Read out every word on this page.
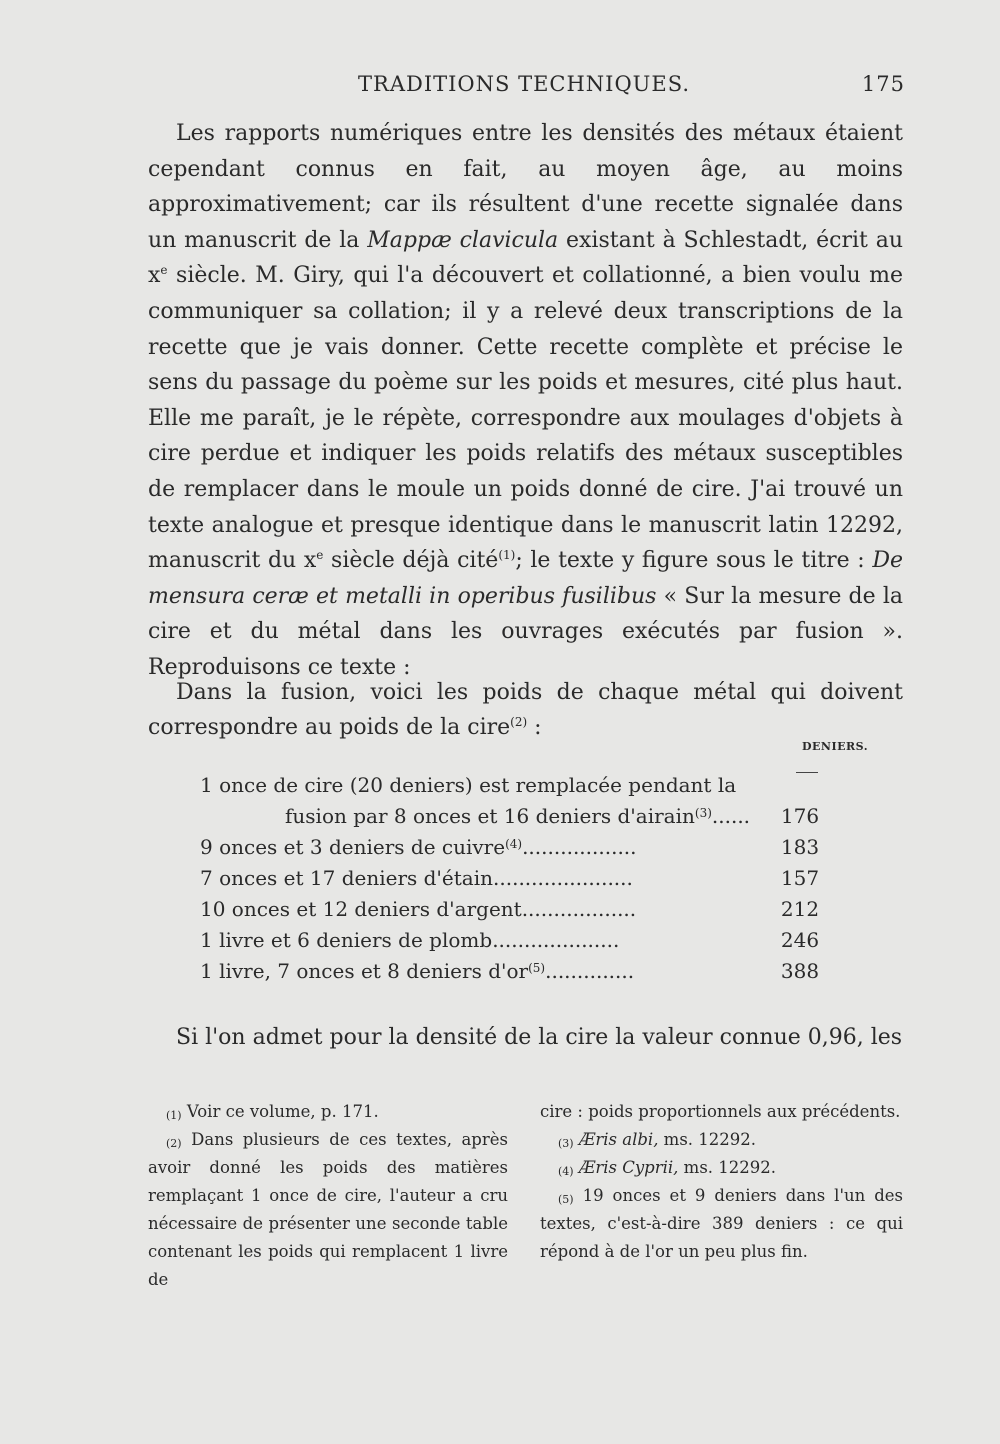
TRADITIONS TECHNIQUES.	175

Les rapports numériques entre les densités des métaux étaient cependant connus en fait, au moyen âge, au moins approximativement; car ils résultent d'une recette signalée dans un manuscrit de la Mappæ clavicula existant à Schlestadt, écrit au $x^e$ siècle. M. Giry, qui l'a découvert et collationné, a bien voulu me communiquer sa collation; il y a relevé deux transcriptions de la recette que je vais donner. Cette recette complète et précise le sens du passage du poème sur les poids et mesures, cité plus haut. Elle me paraît, je le répète, correspondre aux moulages d'objets à cire perdue et indiquer les poids relatifs des métaux susceptibles de remplacer dans le moule un poids donné de cire. J'ai trouvé un texte analogue et presque identique dans le manuscrit latin 12292, manuscrit du $x^e$ siècle déjà cité$^{(1)}$; le texte y figure sous le titre : De mensura ceræ et metalli in operibus fusilibus « Sur la mesure de la cire et du métal dans les ouvrages exécutés par fusion ». Reproduisons ce texte :

Dans la fusion, voici les poids de chaque métal qui doivent correspondre au poids de la cire$^{(2)}$ :

DENIERS.
1 once de cire (20 deniers) est remplacée pendant la
fusion par 8 onces et 16 deniers d'airain$^{(3)}$......	176
9 onces et 3 deniers de cuivre$^{(4)}$..................	183
7 onces et 17 deniers d'étain......................	157
10 onces et 12 deniers d'argent..................	212
1 livre et 6 deniers de plomb....................	246
1 livre, 7 onces et 8 deniers $d'or^{(5)}$..............	388
Si l'on admet pour la densité de la cire la valeur connue 0,96, les

$^{(1)}$ Voir ce volume, p. 171.

$^{(2)}$ Dans plusieurs de ces textes, après avoir donné les poids des matières remplaçant 1 once de cire, l'auteur a cru nécessaire de présenter une seconde table contenant les poids qui remplacent 1 livre de

cire : poids proportionnels aux précédents.

$^{(3)}$ Æris albi, ms. 12292.

$^{(4)}$ Æris Cyprii, ms. 12292.

$^{(5)}$ 19 onces et 9 deniers dans l'un des textes, c'est-à-dire 389 deniers : ce qui répond à de l'or un peu plus fin.
